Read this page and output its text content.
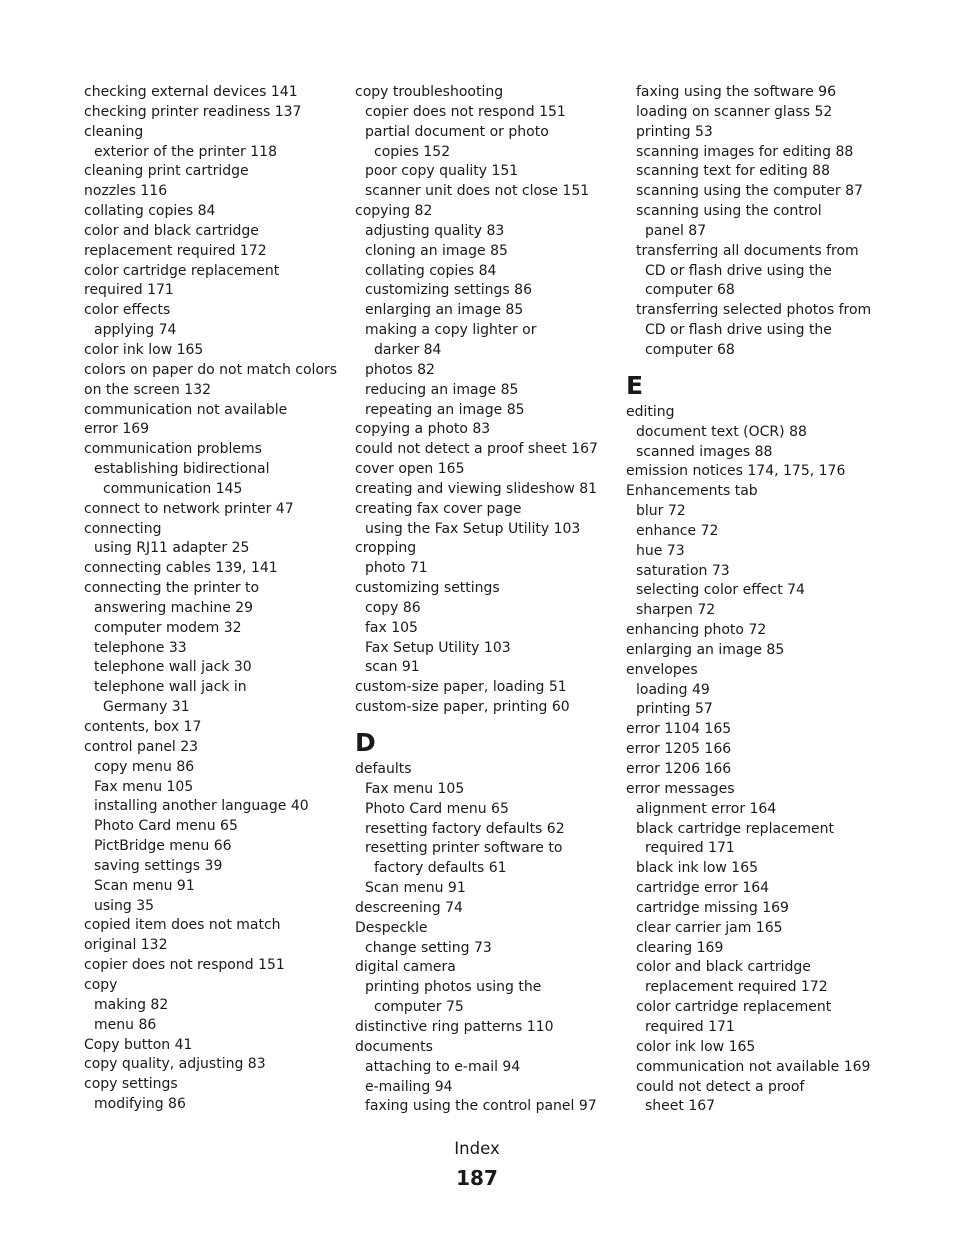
checking external devices 141
checking printer readiness 137
cleaning
exterior of the printer 118
cleaning print cartridge
nozzles 116
collating copies 84
color and black cartridge
replacement required 172
color cartridge replacement
required 171
color effects
applying 74
color ink low 165
colors on paper do not match colors
on the screen 132
communication not available
error 169
communication problems
establishing bidirectional
communication 145
connect to network printer 47
connecting
using RJ11 adapter 25
connecting cables 139, 141
connecting the printer to
answering machine 29
computer modem 32
telephone 33
telephone wall jack 30
telephone wall jack in
Germany 31
contents, box 17
control panel 23
copy menu 86
Fax menu 105
installing another language 40
Photo Card menu 65
PictBridge menu 66
saving settings 39
Scan menu 91
using 35
copied item does not match
original 132
copier does not respond 151
copy
making 82
menu 86
Copy button 41
copy quality, adjusting 83
copy settings
modifying 86
copy troubleshooting
copier does not respond 151
partial document or photo
copies 152
poor copy quality 151
scanner unit does not close 151
copying 82
adjusting quality 83
cloning an image 85
collating copies 84
customizing settings 86
enlarging an image 85
making a copy lighter or
darker 84
photos 82
reducing an image 85
repeating an image 85
copying a photo 83
could not detect a proof sheet 167
cover open 165
creating and viewing slideshow 81
creating fax cover page
using the Fax Setup Utility 103
cropping
photo 71
customizing settings
copy 86
fax 105
Fax Setup Utility 103
scan 91
custom-size paper, loading 51
custom-size paper, printing 60
D
defaults
Fax menu 105
Photo Card menu 65
resetting factory defaults 62
resetting printer software to
factory defaults 61
Scan menu 91
descreening 74
Despeckle
change setting 73
digital camera
printing photos using the
computer 75
distinctive ring patterns 110
documents
attaching to e-mail 94
e-mailing 94
faxing using the control panel 97
faxing using the software 96
loading on scanner glass 52
printing 53
scanning images for editing 88
scanning text for editing 88
scanning using the computer 87
scanning using the control
panel 87
transferring all documents from
CD or flash drive using the
computer 68
transferring selected photos from
CD or flash drive using the
computer 68
E
editing
document text (OCR) 88
scanned images 88
emission notices 174, 175, 176
Enhancements tab
blur 72
enhance 72
hue 73
saturation 73
selecting color effect 74
sharpen 72
enhancing photo 72
enlarging an image 85
envelopes
loading 49
printing 57
error 1104 165
error 1205 166
error 1206 166
error messages
alignment error 164
black cartridge replacement
required 171
black ink low 165
cartridge error 164
cartridge missing 169
clear carrier jam 165
clearing 169
color and black cartridge
replacement required 172
color cartridge replacement
required 171
color ink low 165
communication not available 169
could not detect a proof
sheet 167
Index
187
